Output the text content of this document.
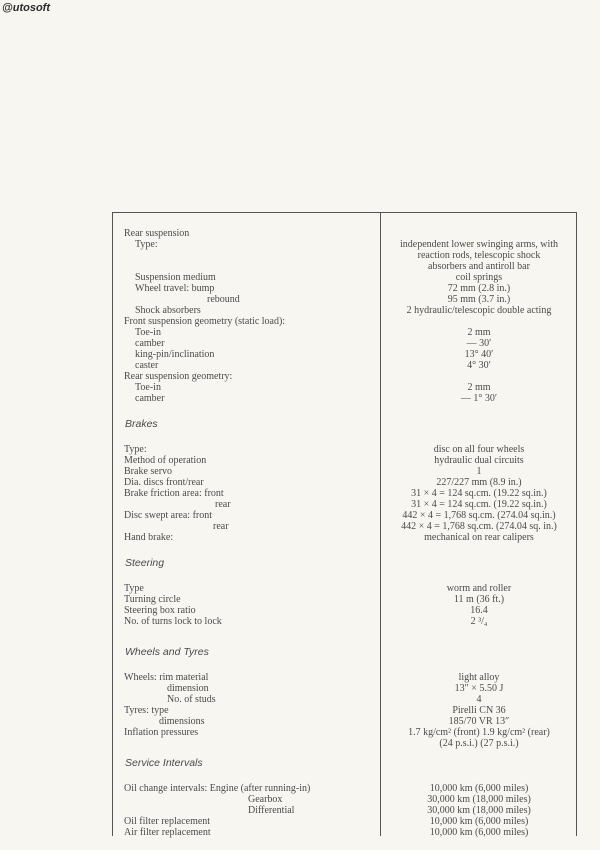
@utosoft
Brakes
Steering
Wheels and Tyres
Service Intervals
Rear suspension
Type:
Suspension medium
Wheel travel: bump
rebound
Shock absorbers
Front suspension geometry (static load):
Toe-in
camber
king-pin/inclination
caster
Rear suspension geometry:
Toe-in
camber
Type:
Method of operation
Brake servo
Dia. discs front/rear
Brake friction area: front
rear
Disc swept area: front
rear
Hand brake:
Type
Turning circle
Steering box ratio
No. of turns lock to lock
Wheels: rim material
dimension
No. of studs
Tyres: type
dimensions
Inflation pressures
Oil change intervals: Engine (after running-in)
Gearbox
Differential
Oil filter replacement
Air filter replacement
independent lower swinging arms, with
reaction rods, telescopic shock
absorbers and antiroll bar
coil springs
72 mm (2.8 in.)
95 mm (3.7 in.)
2 hydraulic/telescopic double acting
2 mm
— 30′
13° 40′
4° 30′
2 mm
— 1° 30′
disc on all four wheels
hydraulic dual circuits
1
227/227 mm (8.9 in.)
31 × 4 = 124 sq.cm. (19.22 sq.in.)
31 × 4 = 124 sq.cm. (19.22 sq.in.)
442 × 4 = 1,768 sq.cm. (274.04 sq.in.)
442 × 4 = 1,768 sq.cm. (274.04 sq. in.)
mechanical on rear calipers
worm and roller
11 m (36 ft.)
16.4
2 ³/₄
light alloy
13″ × 5.50 J
4
Pirelli CN 36
185/70 VR 13″
1.7 kg/cm² (front) 1.9 kg/cm² (rear)
(24 p.s.i.) (27 p.s.i.)
10,000 km (6,000 miles)
30,000 km (18,000 miles)
30,000 km (18,000 miles)
10,000 km (6,000 miles)
10,000 km (6,000 miles)
